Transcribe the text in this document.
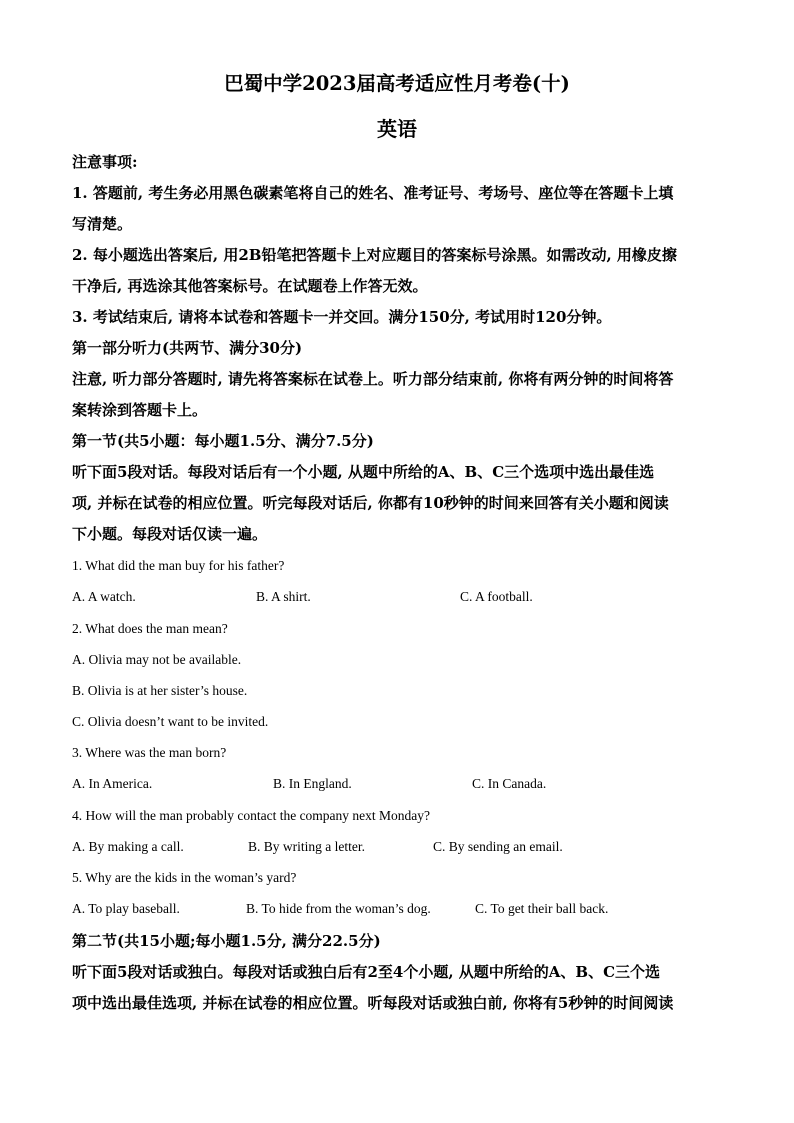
巴蜀中学2023届高考适应性月考卷(十)
英语
注意事项:
1. 答题前, 考生务必用黑色碳素笔将自己的姓名、准考证号、考场号、座位等在答题卡上填
写清楚。
2. 每小题选出答案后, 用2B铅笔把答题卡上对应题目的答案标号涂黑。如需改动, 用橡皮擦
干净后, 再选涂其他答案标号。在试题卷上作答无效。
3. 考试结束后, 请将本试卷和答题卡一并交回。满分150分, 考试用时120分钟。
第一部分听力(共两节、满分30分)
注意, 听力部分答题时, 请先将答案标在试卷上。听力部分结束前, 你将有两分钟的时间将答
案转涂到答题卡上。
第一节(共5小题：每小题1.5分、满分7.5分)
听下面5段对话。每段对话后有一个小题, 从题中所给的A、B、C三个选项中选出最佳选
项, 并标在试卷的相应位置。听完每段对话后, 你都有10秒钟的时间来回答有关小题和阅读
下小题。每段对话仅读一遍。
1. What did the man buy for his father?
A. A watch.	B. A shirt.	C. A football.
2. What does the man mean?
A. Olivia may not be available.
B. Olivia is at her sister’s house.
C. Olivia doesn’t want to be invited.
3. Where was the man born?
A. In America.	B. In England.	C. In Canada.
4. How will the man probably contact the company next Monday?
A. By making a call.	B. By writing a letter.	C. By sending an email.
5. Why are the kids in the woman’s yard?
A. To play baseball.	B. To hide from the woman’s dog.	C. To get their ball back.
第二节(共15小题;每小题1.5分, 满分22.5分)
听下面5段对话或独白。每段对话或独白后有2至4个小题, 从题中所给的A、B、C三个选
项中选出最佳选项, 并标在试卷的相应位置。听每段对话或独白前, 你将有5秒钟的时间阅读
